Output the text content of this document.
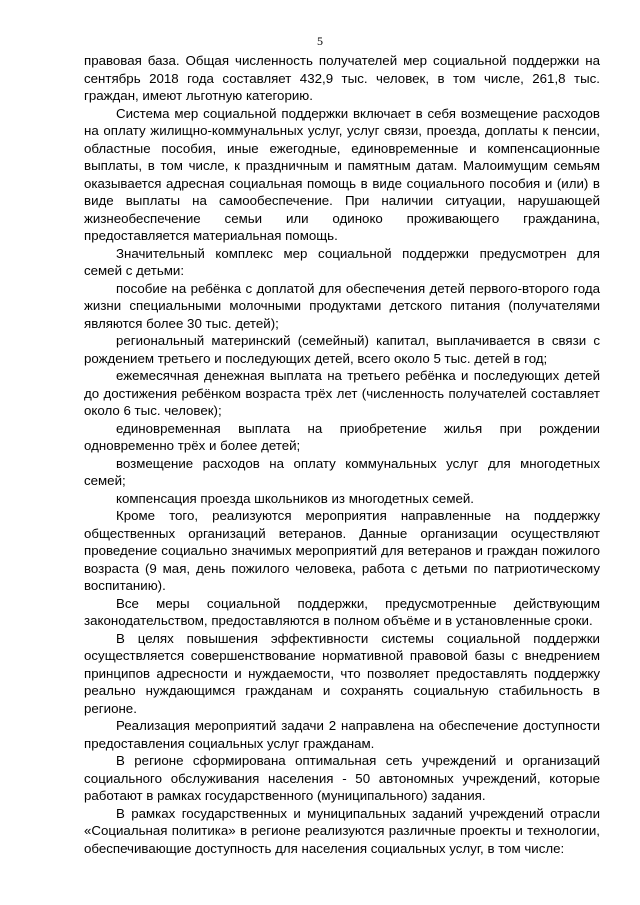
5

правовая база. Общая численность получателей мер социальной поддержки на сентябрь 2018 года составляет 432,9 тыс. человек, в том числе, 261,8 тыс. граждан, имеют льготную категорию.

Система мер социальной поддержки включает в себя возмещение расходов на оплату жилищно-коммунальных услуг, услуг связи, проезда, доплаты к пенсии, областные пособия, иные ежегодные, единовременные и компенсационные выплаты, в том числе, к праздничным и памятным датам. Малоимущим семьям оказывается адресная социальная помощь в виде социального пособия и (или) в виде выплаты на самообеспечение. При наличии ситуации, нарушающей жизнеобеспечение семьи или одиноко проживающего гражданина, предоставляется материальная помощь.

Значительный комплекс мер социальной поддержки предусмотрен для семей с детьми:

пособие на ребёнка с доплатой для обеспечения детей первого-второго года жизни специальными молочными продуктами детского питания (получателями являются более 30 тыс. детей);

региональный материнский (семейный) капитал, выплачивается в связи с рождением третьего и последующих детей, всего около 5 тыс. детей в год;

ежемесячная денежная выплата на третьего ребёнка и последующих детей до достижения ребёнком возраста трёх лет (численность получателей составляет около 6 тыс. человек);

единовременная выплата на приобретение жилья при рождении одновременно трёх и более детей;

возмещение расходов на оплату коммунальных услуг для многодетных семей;

компенсация проезда школьников из многодетных семей.

Кроме того, реализуются мероприятия направленные на поддержку общественных организаций ветеранов. Данные организации осуществляют проведение социально значимых мероприятий для ветеранов и граждан пожилого возраста (9 мая, день пожилого человека, работа с детьми по патриотическому воспитанию).

Все меры социальной поддержки, предусмотренные действующим законодательством, предоставляются в полном объёме и в установленные сроки.

В целях повышения эффективности системы социальной поддержки осуществляется совершенствование нормативной правовой базы с внедрением принципов адресности и нуждаемости, что позволяет предоставлять поддержку реально нуждающимся гражданам и сохранять социальную стабильность в регионе.

Реализация мероприятий задачи 2 направлена на обеспечение доступности предоставления социальных услуг гражданам.

В регионе сформирована оптимальная сеть учреждений и организаций социального обслуживания населения - 50 автономных учреждений, которые работают в рамках государственного (муниципального) задания.

В рамках государственных и муниципальных заданий учреждений отрасли «Социальная политика» в регионе реализуются различные проекты и технологии, обеспечивающие доступность для населения социальных услуг, в том числе:
